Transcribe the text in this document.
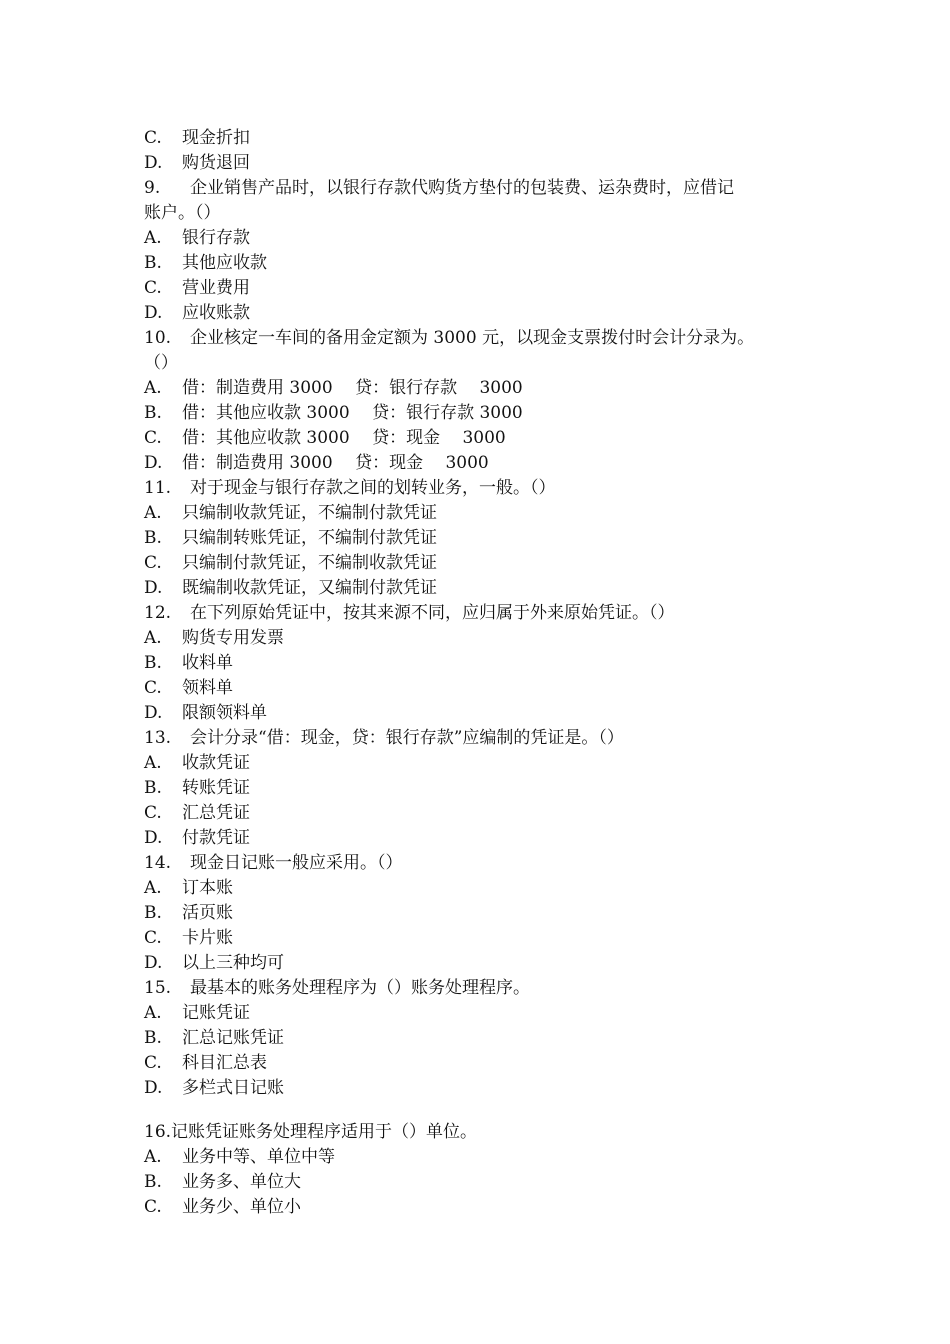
C. 现金折扣
D. 购货退回
9. 企业销售产品时，以银行存款代购货方垫付的包装费、运杂费时，应借记
账户。（）
A. 银行存款
B. 其他应收款
C. 营业费用
D. 应收账款
10. 企业核定一车间的备用金定额为 3000 元，以现金支票拨付时会计分录为。
（）
A. 借：制造费用 3000　 贷：银行存款　 3000
B. 借：其他应收款 3000　 贷：银行存款 3000
C. 借：其他应收款 3000　 贷：现金　 3000
D. 借：制造费用 3000　 贷：现金　 3000
11. 对于现金与银行存款之间的划转业务，一般。（）
A. 只编制收款凭证，不编制付款凭证
B. 只编制转账凭证，不编制付款凭证
C. 只编制付款凭证，不编制收款凭证
D. 既编制收款凭证，又编制付款凭证
12. 在下列原始凭证中，按其来源不同，应归属于外来原始凭证。（）
A. 购货专用发票
B. 收料单
C. 领料单
D. 限额领料单
13. 会计分录“借：现金，贷：银行存款”应编制的凭证是。（）
A. 收款凭证
B. 转账凭证
C. 汇总凭证
D. 付款凭证
14. 现金日记账一般应采用。（）
A. 订本账
B. 活页账
C. 卡片账
D. 以上三种均可
15. 最基本的账务处理程序为（）账务处理程序。
A. 记账凭证
B. 汇总记账凭证
C. 科目汇总表
D. 多栏式日记账
16.记账凭证账务处理程序适用于（）单位。
A. 业务中等、单位中等
B. 业务多、单位大
C. 业务少、单位小
